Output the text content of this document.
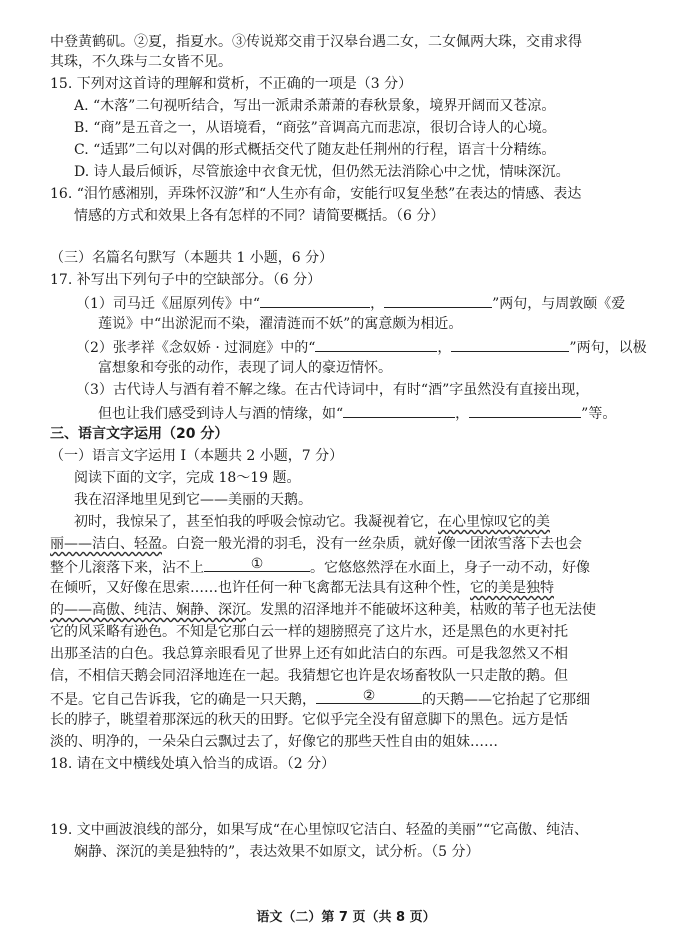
中登黄鹤矶。②夏，指夏水。③传说郑交甫于汉皋台遇二女，二女佩两大珠，交甫求得
其珠，不久珠与二女皆不见。
15. 下列对这首诗的理解和赏析，不正确的一项是（3 分）
A. “木落”二句视听结合，写出一派肃杀萧萧的春秋景象，境界开阔而又苍凉。
B. “商”是五音之一，从语境看，“商弦”音调高亢而悲凉，很切合诗人的心境。
C. “适郢”二句以对偶的形式概括交代了随友赴任荆州的行程，语言十分精练。
D. 诗人最后倾诉，尽管旅途中衣食无忧，但仍然无法消除心中之忧，情味深沉。
16. “泪竹感湘别，弄珠怀汉游”和“人生亦有命，安能行叹复坐愁”在表达的情感、表达
情感的方式和效果上各有怎样的不同？请简要概括。（6 分）
（三）名篇名句默写（本题共 1 小题，6 分）
17. 补写出下列句子中的空缺部分。（6 分）
（1）司马迁《屈原列传》中“	，	”两句，与周敦颐《爱
莲说》中“出淤泥而不染，濯清涟而不妖”的寓意颇为相近。
（2）张孝祥《念奴娇 · 过洞庭》中的“	，	”两句，以极
富想象和夸张的动作，表现了词人的豪迈情怀。
（3）古代诗人与酒有着不解之缘。在古代诗词中，有时“酒”字虽然没有直接出现，
但也让我们感受到诗人与酒的情缘，如“	，	”等。
三、语言文字运用（20 分）
（一）语言文字运用 I（本题共 2 小题，7 分）
阅读下面的文字，完成 18～19 题。
我在沼泽地里见到它——美丽的天鹅。
初时，我惊呆了，甚至怕我的呼吸会惊动它。我凝视着它，在心里惊叹它的美
丽——洁白、轻盈。白瓷一般光滑的羽毛，没有一丝杂质，就好像一团浓雪落下去也会
整个儿滚落下来，沾不上	①	。它悠悠然浮在水面上，身子一动不动，好像
在倾听，又好像在思索……也许任何一种飞禽都无法具有这种个性，它的美是独特
的——高傲、纯洁、娴静、深沉。发黑的沼泽地并不能破坏这种美，枯败的苇子也无法使
它的风采略有逊色。不知是它那白云一样的翅膀照亮了这片水，还是黑色的水更衬托
出那圣洁的白色。我总算亲眼看见了世界上还有如此洁白的东西。可是我忽然又不相
信，不相信天鹅会同沼泽地连在一起。我猜想它也许是农场畜牧队一只走散的鹅。但
不是。它自己告诉我，它的确是一只天鹅，	②	的天鹅——它抬起了它那细
长的脖子，眺望着那深远的秋天的田野。它似乎完全没有留意脚下的黑色。远方是恬
淡的、明净的，一朵朵白云飘过去了，好像它的那些天性自由的姐妹……
18. 请在文中横线处填入恰当的成语。（2 分）
19. 文中画波浪线的部分，如果写成“在心里惊叹它洁白、轻盈的美丽”“它高傲、纯洁、
娴静、深沉的美是独特的”，表达效果不如原文，试分析。（5 分）
语文（二）第 7 页（共 8 页）
